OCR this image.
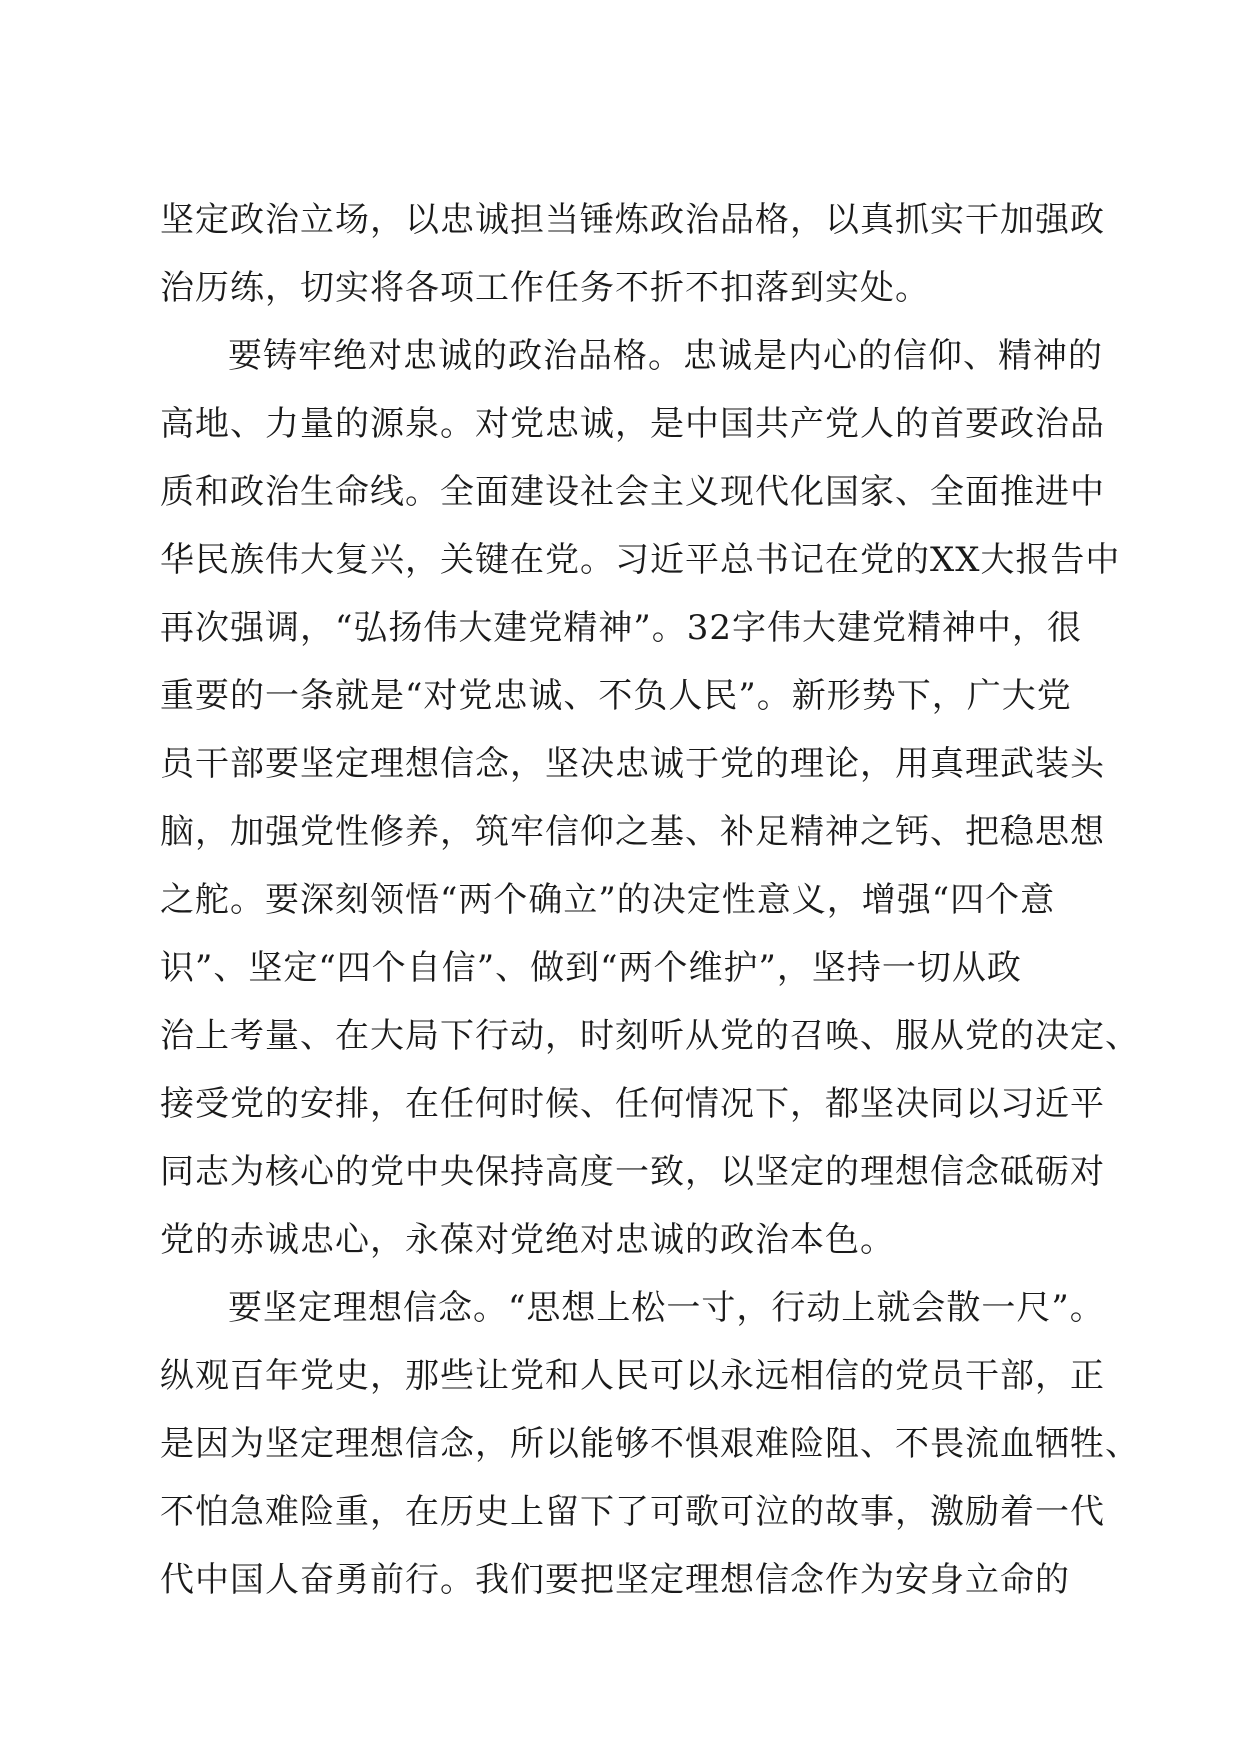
坚定政治立场，以忠诚担当锤炼政治品格，以真抓实干加强政
治历练，切实将各项工作任务不折不扣落到实处。
要铸牢绝对忠诚的政治品格。忠诚是内心的信仰、精神的
高地、力量的源泉。对党忠诚，是中国共产党人的首要政治品
质和政治生命线。全面建设社会主义现代化国家、全面推进中
华民族伟大复兴，关键在党。习近平总书记在党的XX大报告中
再次强调，“弘扬伟大建党精神”。32字伟大建党精神中，很
重要的一条就是“对党忠诚、不负人民”。新形势下，广大党
员干部要坚定理想信念，坚决忠诚于党的理论，用真理武装头
脑，加强党性修养，筑牢信仰之基、补足精神之钙、把稳思想
之舵。要深刻领悟“两个确立”的决定性意义，增强“四个意
识”、坚定“四个自信”、做到“两个维护”，坚持一切从政
治上考量、在大局下行动，时刻听从党的召唤、服从党的决定、
接受党的安排，在任何时候、任何情况下，都坚决同以习近平
同志为核心的党中央保持高度一致，以坚定的理想信念砥砺对
党的赤诚忠心，永葆对党绝对忠诚的政治本色。
要坚定理想信念。“思想上松一寸，行动上就会散一尺”。
纵观百年党史，那些让党和人民可以永远相信的党员干部，正
是因为坚定理想信念，所以能够不惧艰难险阻、不畏流血牺牲、
不怕急难险重，在历史上留下了可歌可泣的故事，激励着一代
代中国人奋勇前行。我们要把坚定理想信念作为安身立命的
